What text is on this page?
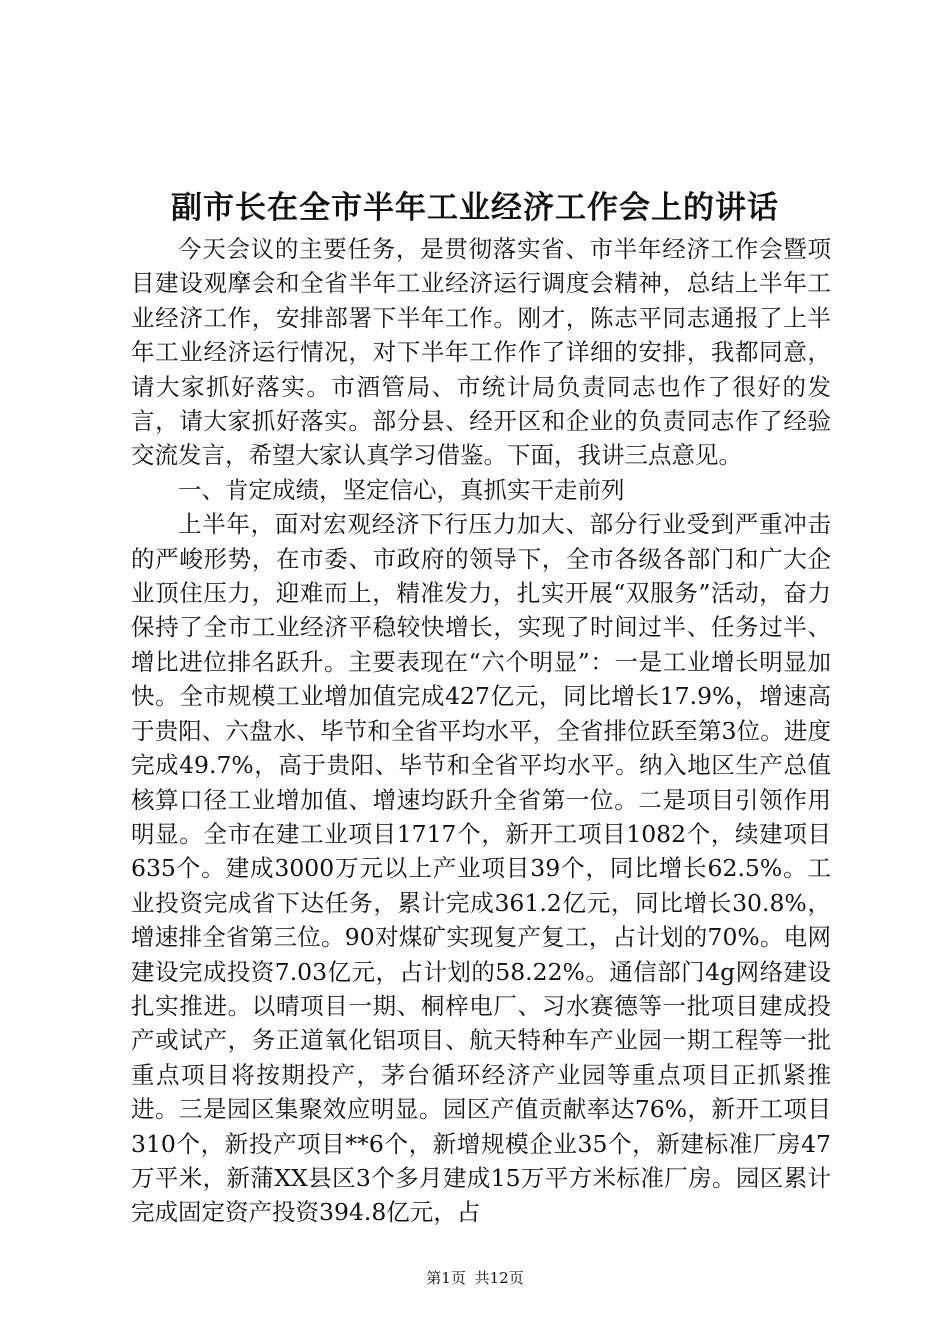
副市长在全市半年工业经济工作会上的讲话

今天会议的主要任务，是贯彻落实省、市半年经济工作会暨项目建设观摩会和全省半年工业经济运行调度会精神，总结上半年工业经济工作，安排部署下半年工作。刚才，陈志平同志通报了上半年工业经济运行情况，对下半年工作作了详细的安排，我都同意，请大家抓好落实。市酒管局、市统计局负责同志也作了很好的发言，请大家抓好落实。部分县、经开区和企业的负责同志作了经验交流发言，希望大家认真学习借鉴。下面，我讲三点意见。

一、肯定成绩，坚定信心，真抓实干走前列

上半年，面对宏观经济下行压力加大、部分行业受到严重冲击的严峻形势，在市委、市政府的领导下，全市各级各部门和广大企业顶住压力，迎难而上，精准发力，扎实开展“双服务”活动，奋力保持了全市工业经济平稳较快增长，实现了时间过半、任务过半、增比进位排名跃升。主要表现在“六个明显”：一是工业增长明显加快。全市规模工业增加值完成427亿元，同比增长17.9%，增速高于贵阳、六盘水、毕节和全省平均水平，全省排位跃至第3位。进度完成49.7%，高于贵阳、毕节和全省平均水平。纳入地区生产总值核算口径工业增加值、增速均跃升全省第一位。二是项目引领作用明显。全市在建工业项目1717个，新开工项目1082个，续建项目635个。建成3000万元以上产业项目39个，同比增长62.5%。工业投资完成省下达任务，累计完成361.2亿元，同比增长30.8%，增速排全省第三位。90对煤矿实现复产复工，占计划的70%。电网建设完成投资7.03亿元，占计划的58.22%。通信部门4g网络建设扎实推进。以晴项目一期、桐梓电厂、习水赛德等一批项目建成投产或试产，务正道氧化铝项目、航天特种车产业园一期工程等一批重点项目将按期投产，茅台循环经济产业园等重点项目正抓紧推进。三是园区集聚效应明显。园区产值贡献率达76%，新开工项目310个，新投产项目**6个，新增规模企业35个，新建标准厂房47万平米，新蒲XX县区3个多月建成15万平方米标准厂房。园区累计完成固定资产投资394.8亿元，占

第1页 共12页
